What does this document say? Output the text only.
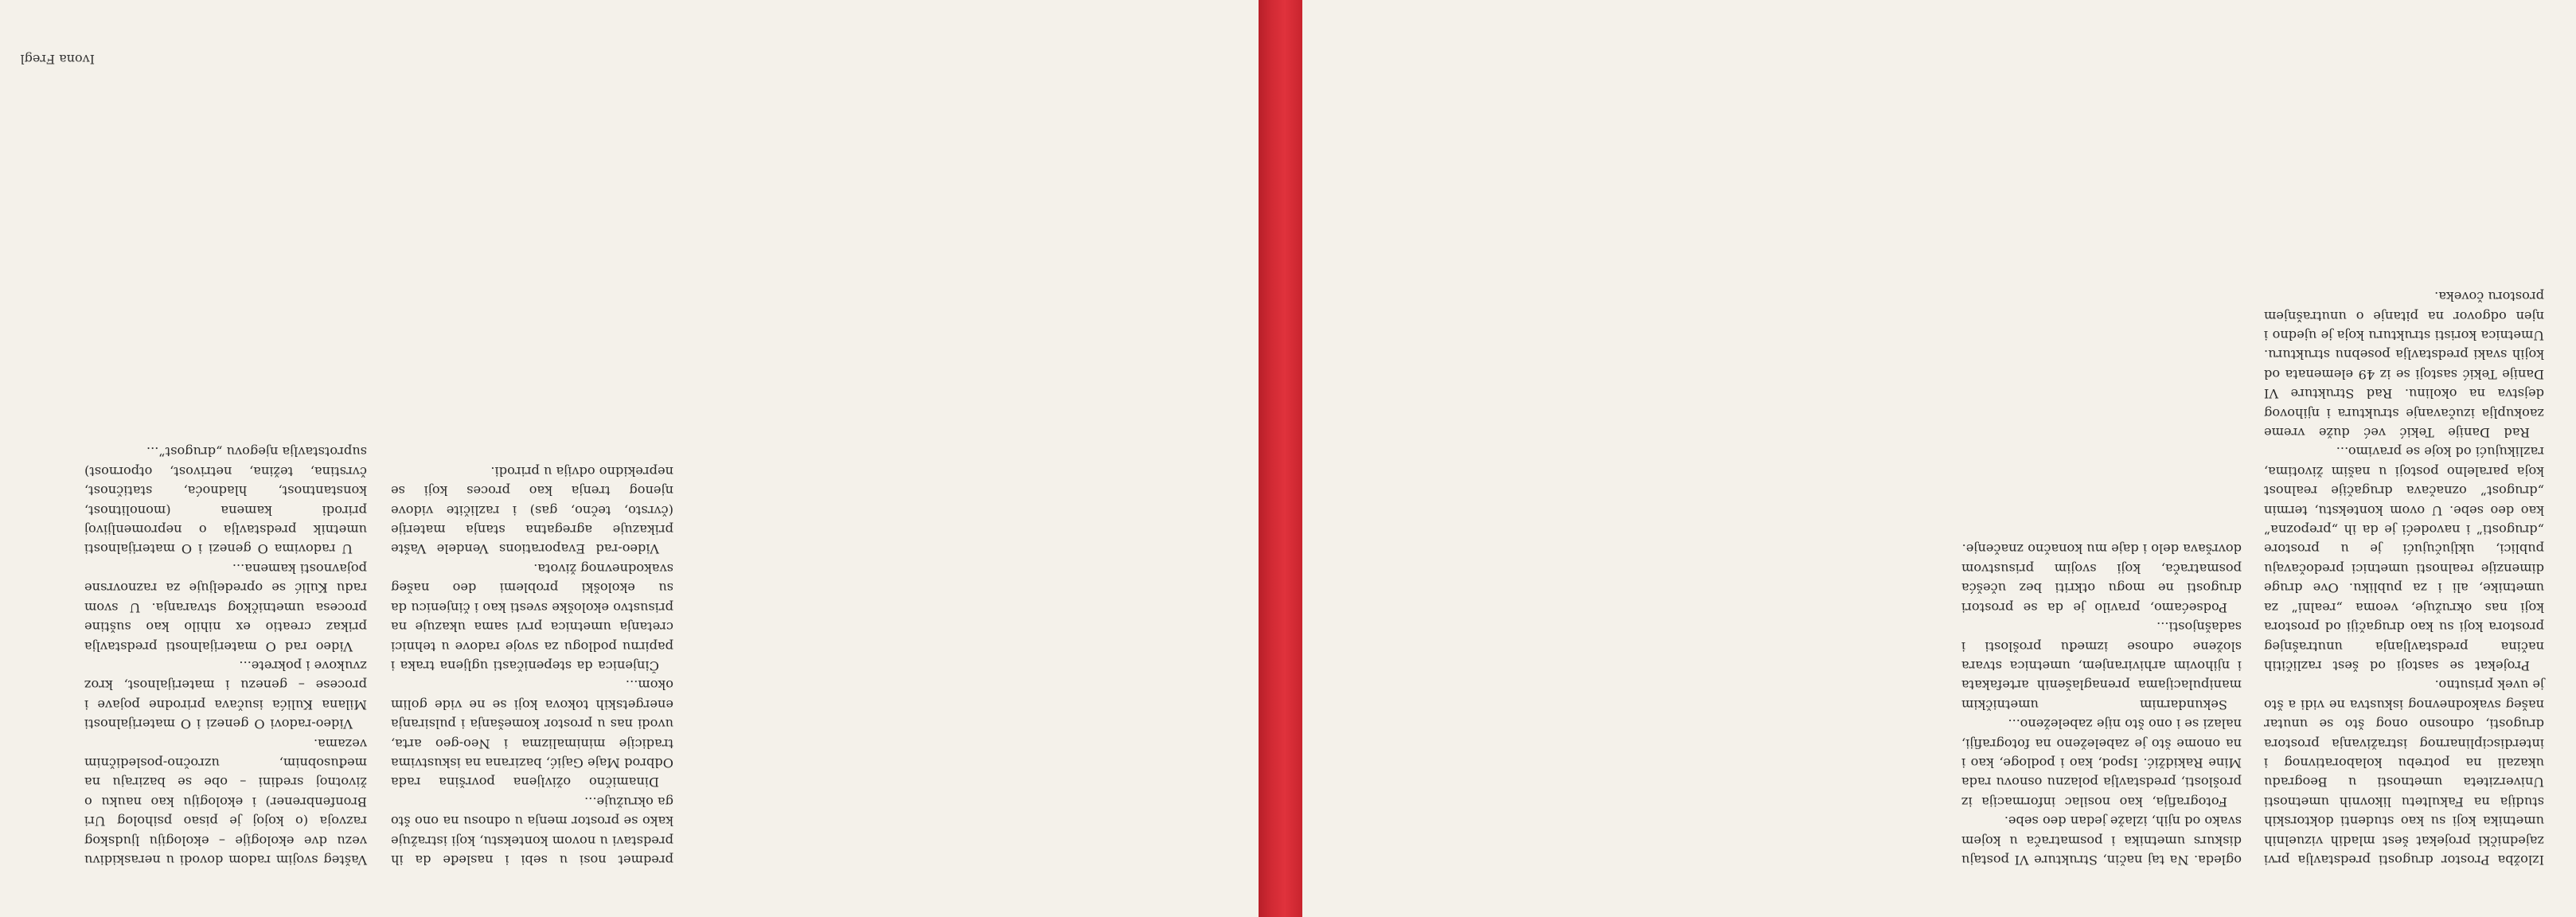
Izložba Prostor drugosti predstavlja prvi zajednički projekat šest mladih vizuelnih umetnika koji su kao studenti doktorskih studija na Fakultetu likovnih umetnosti Univerziteta umetnosti u Beogradu ukazali na potrebu kolaborativnog i interdisciplinarnog istraživanja prostora drugosti, odnosno onog što se unutar našeg svakodnevnog iskustva ne vidi a što je uvek prisutno.

Projekat se sastoji od šest različitih načina predstavljanja unutrašnjeg prostora koji su kao drugačiji od prostora koji nas okružuje, veoma „realni” za umetnike, ali i za publiku. Ove druge dimenzije realnosti umetnici predočavaju publici, uključujući je u prostore „drugosti” i navodeći je da ih „prepozna” kao deo sebe. U ovom kontekstu, termin „drugost” označava drugačije realnost koja paralelno postoji u našim životima, razlikujući od koje se pravimo...

Rad Danije Tekić već duže vreme zaokuplja izučavanje struktura i njihovog dejstva na okolinu. Rad Strukture VI Danije Tekić sastoji se iz 49 elemenata od kojih svaki predstavlja posebnu strukturu. Umetnica koristi strukturu koja je ujedno i njen odgovor na pitanje o unutrašnjem prostoru čoveka.

ogleda. Na taj način, Strukture VI postaju diskurs umetnika i posmatrača u kojem svako od njih, izlaže jedan deo sebe.

Fotografija, kao nosilac informacija iz prošlosti, predstavlja polaznu osnovu rada Mine Rakidžić. Ispod, kao i podloge, kao i na onome što je zabeleženo na fotografiji, nalazi se i ono što nije zabeleženo...

Sekundarnim umetničkim manipulacijama prenaglašenih artefakata i njihovim arhiviranjem, umetnica stvara složene odnose između prošlosti i sadašnjosti...

Podsećamo, pravilo je da se prostori drugosti ne mogu otkriti bez učešća posmatrača, koji svojim prisustvom dovršava delo i daje mu konačno značenje.

predmet nosi u sebi i nasleđe da ih predstavi u novom kontekstu, koji istražuje kako se prostor menja u odnosu na ono što ga okružuje...

Dinamično oživljena površina rada Odbrod Maje Gajić, bazirana na iskustvima tradicije minimalizma i Neo-geo arta, uvodi nas u prostor komešanja i pulsiranja energetskih tokova koji se ne vide golim okom...

Činjenica da stepeničasti ugljena traka i papirnu podlogu za svoje radove u tehnici cretanja umetnica prvi sama ukazuje na prisustvo ekološke svesti kao i činjenicu da su ekološki problemi deo našeg svakodnevnog života.

Video-rad Evaporations Vendele Vašte prikazuje agregatna stanja materije (čvrsto, tečno, gas) i različite vidove njenog trenja kao proces koji se neprekidno odvija u prirodi.

Vašteg svojim radom dovodi u neraskidivu vezu dve ekologije – ekologiju ljudskog razvoja (o kojoj je pisao psiholog Uri Bronfenbrener) i ekologiju kao nauku o životnoj sredini – obe se baziraju na međusobnim, uzročno-posledičnim vezama.

Video-radovi O genezi i O materijalnosti Milana Kulića isučava prirodne pojave i procese – genezu i materijalnost, kroz zvukove i pokrete...

Video rad O materijalnosti predstavlja prikaz creatio ex nihilo kao suštine procesa umetničkog stvaranja. U svom radu Kulić se opredeljuje za raznovrsne pojavnosti kamena...

U radovima O genezi i O materijalnosti umetnik predstavlja o nepromenljivoj prirodi kamena (monolitnost, konstantnost, hladnoća, statičnost, čvrstina, težina, netrivost, otpornost) suprotstavlja njegovu „drugost”...

Ivona Fregl
